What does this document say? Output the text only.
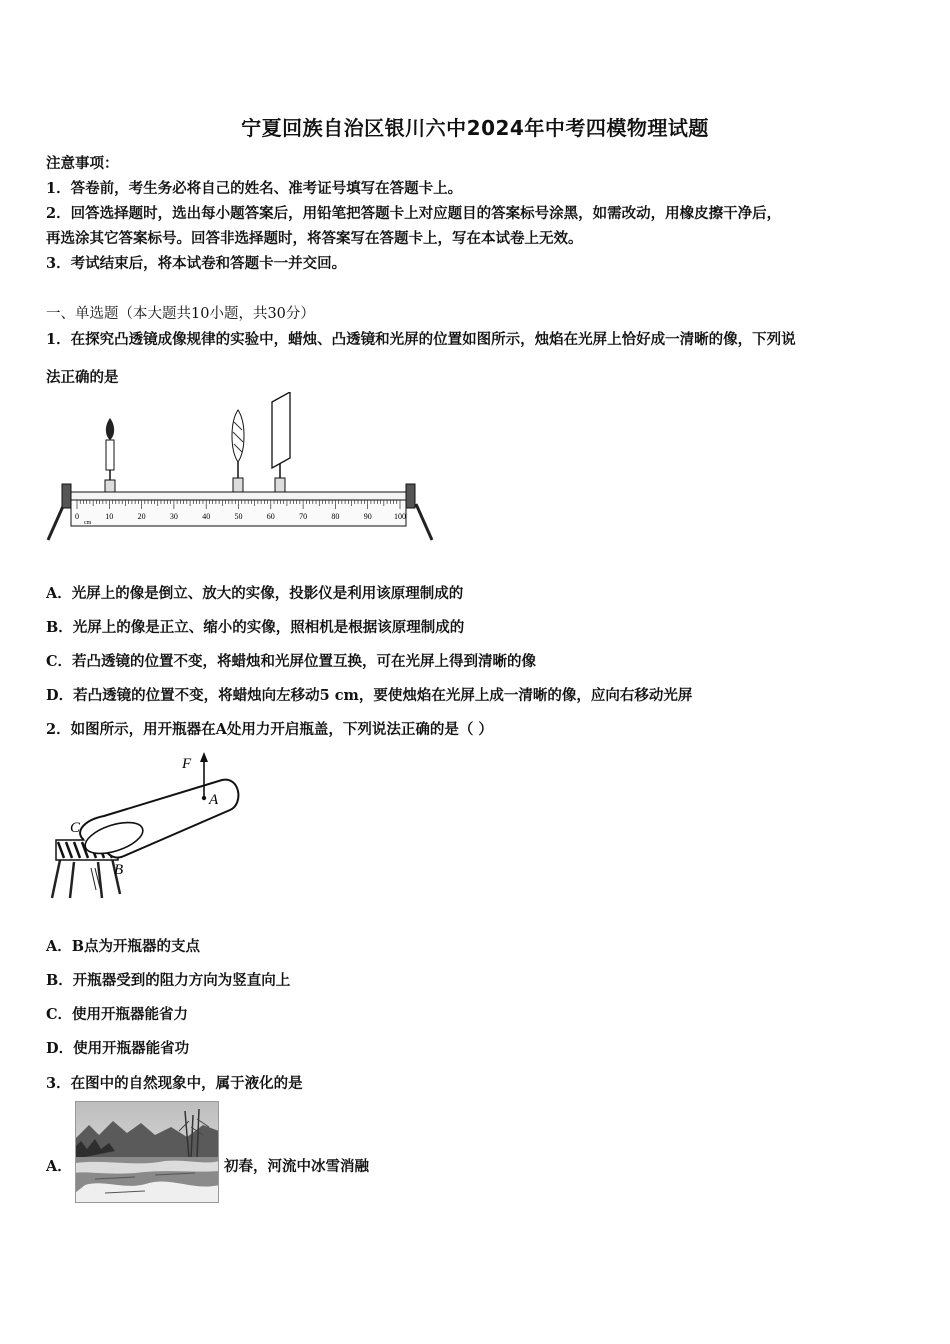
宁夏回族自治区银川六中2024年中考四模物理试题
注意事项：
1．答卷前，考生务必将自己的姓名、准考证号填写在答题卡上。
2．回答选择题时，选出每小题答案后，用铅笔把答题卡上对应题目的答案标号涂黑，如需改动，用橡皮擦干净后，
再选涂其它答案标号。回答非选择题时，将答案写在答题卡上，写在本试卷上无效。
3．考试结束后，将本试卷和答题卡一并交回。
一、单选题（本大题共10小题，共30分）
1．在探究凸透镜成像规律的实验中，蜡烛、凸透镜和光屏的位置如图所示，烛焰在光屏上恰好成一清晰的像，下列说
法正确的是
0	10	20	30	40	50	60	70	80	90	100
cm
A．光屏上的像是倒立、放大的实像，投影仪是利用该原理制成的
B．光屏上的像是正立、缩小的实像，照相机是根据该原理制成的
C．若凸透镜的位置不变，将蜡烛和光屏位置互换，可在光屏上得到清晰的像
D．若凸透镜的位置不变，将蜡烛向左移动5 cm，要使烛焰在光屏上成一清晰的像，应向右移动光屏
2．如图所示，用开瓶器在A处用力开启瓶盖，下列说法正确的是（ ）
F
A
B
C
A．B点为开瓶器的支点
B．开瓶器受到的阻力方向为竖直向上
C．使用开瓶器能省力
D．使用开瓶器能省功
3．在图中的自然现象中，属于液化的是
A．	初春，河流中冰雪消融
